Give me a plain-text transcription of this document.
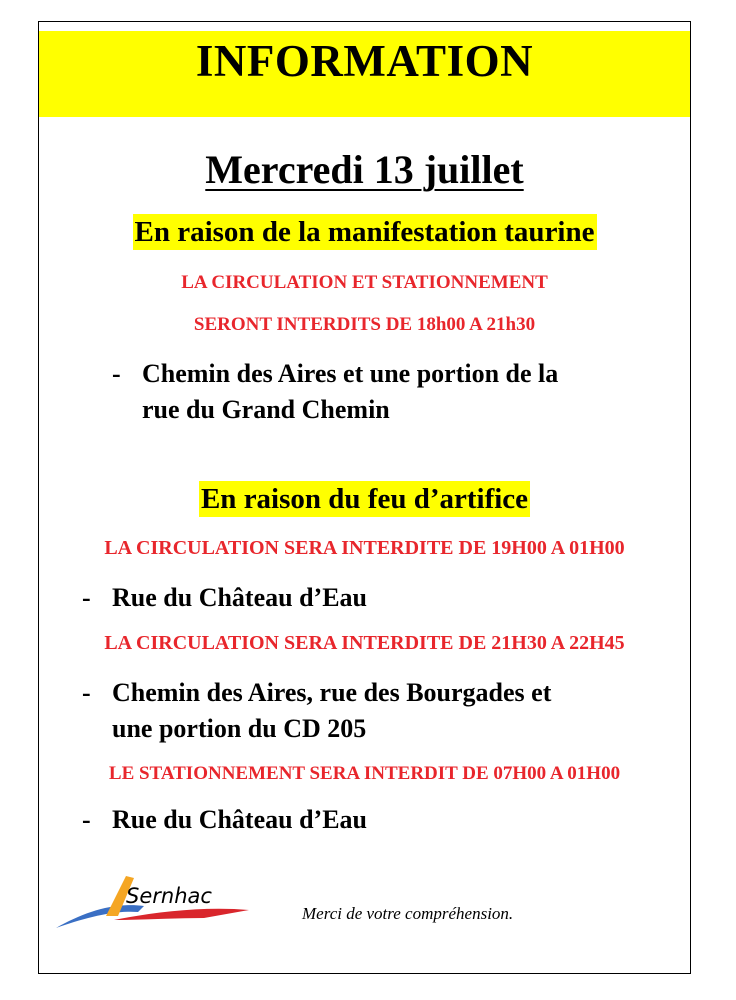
INFORMATION
Mercredi 13 juillet
En raison de la manifestation taurine
LA CIRCULATION ET STATIONNEMENT
SERONT INTERDITS DE 18h00 A 21h30
- Chemin des Aires et une portion de la
rue du Grand Chemin
En raison du feu d’artifice
LA CIRCULATION SERA INTERDITE DE 19H00 A 01H00
- Rue du Château d’Eau
LA CIRCULATION SERA INTERDITE DE 21H30 A 22H45
- Chemin des Aires, rue des Bourgades et
une portion du CD 205
LE STATIONNEMENT SERA INTERDIT DE 07H00 A 01H00
- Rue du Château d’Eau
Sernhac
Merci de votre compréhension.
